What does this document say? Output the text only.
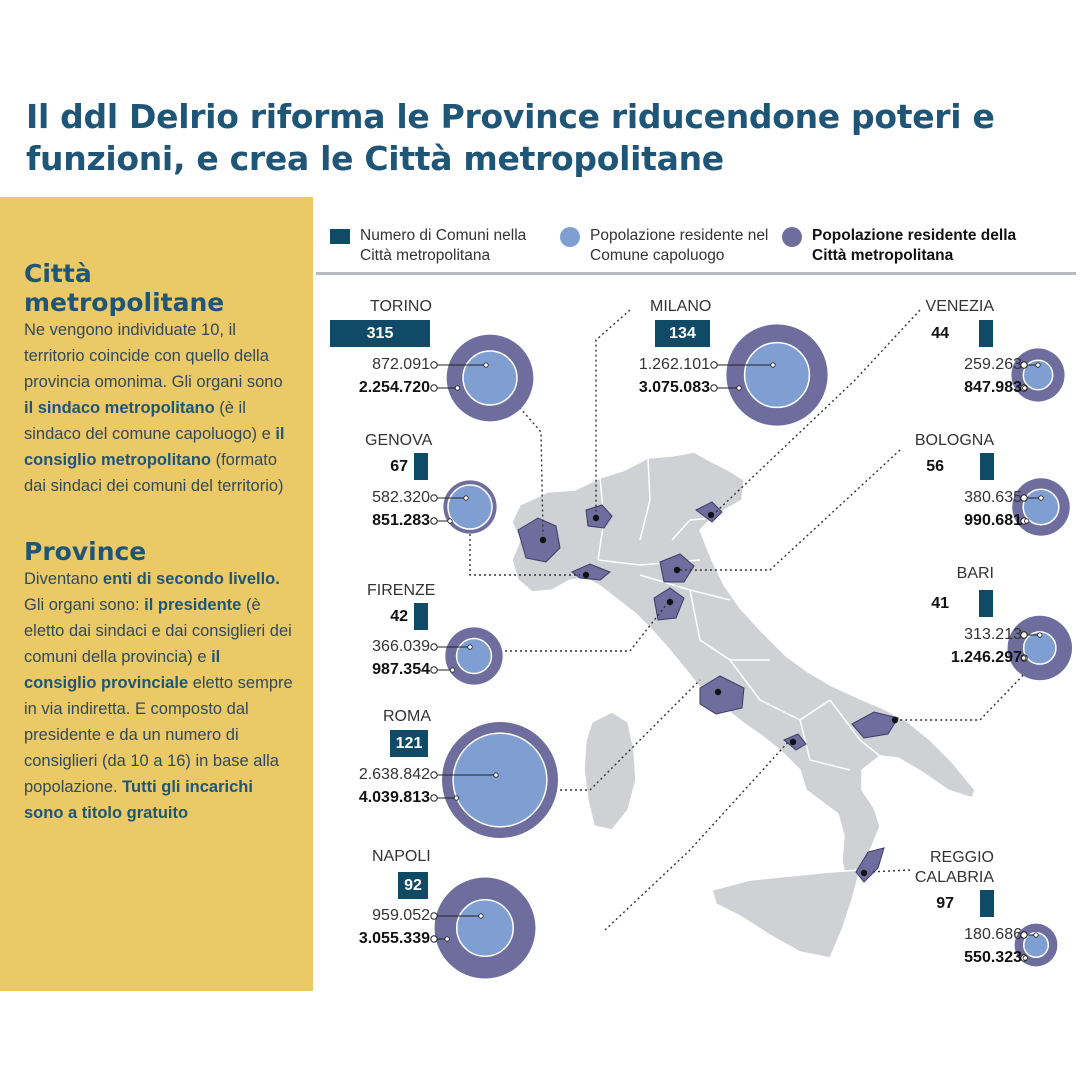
Il ddl Delrio riforma le Province riducendone poteri e funzioni, e crea le Città metropolitane
Città metropolitane

Ne vengono individuate 10, il territorio coincide con quello della provincia omonima. Gli organi sono il sindaco metropolitano (è il sindaco del comune capoluogo) e il consiglio metropolitano (formato dai sindaci dei comuni del territorio)

Province

Diventano enti di secondo livello. Gli organi sono: il presidente (è eletto dai sindaci e dai consiglieri dei comuni della provincia) e il consiglio provinciale eletto sempre in via indiretta. E composto dal presidente e da un numero di consiglieri (da 10 a 16) in base alla popolazione. Tutti gli incarichi sono a titolo gratuito

Numero di Comuni nella Città metropolitana
Popolazione residente nel Comune capoluogo
Popolazione residente della Città metropolitana
TORINO
315
872.091
2.254.720
MILANO
134
1.262.101
3.075.083
VENEZIA
44
259.263
847.983
GENOVA
67
582.320
851.283
BOLOGNA
56
380.635
990.681
FIRENZE
42
366.039
987.354
BARI
41
313.213
1.246.297
ROMA
121
2.638.842
4.039.813
NAPOLI
92
959.052
3.055.339
REGGIO CALABRIA
97
180.686
550.323
